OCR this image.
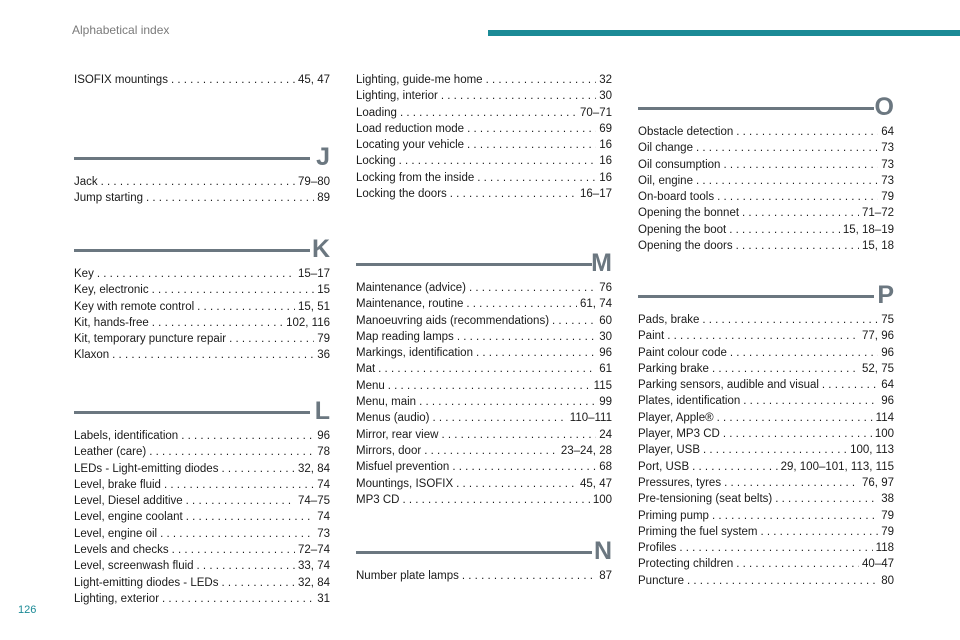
Alphabetical index
ISOFIX mountings . . .	45, 47
J
Jack . . .	79–80
Jump starting . . .	89
K
Key . . .	15–17
Key, electronic . . .	15
Key with remote control . . .	15, 51
Kit, hands-free . . .	102, 116
Kit, temporary puncture repair . . .	79
Klaxon . . .	36
L
Labels, identification . . .	96
Leather (care) . . .	78
LEDs - Light-emitting diodes . . .	32, 84
Level, brake fluid . . .	74
Level, Diesel additive . . .	74–75
Level, engine coolant . . .	74
Level, engine oil . . .	73
Levels and checks . . .	72–74
Level, screenwash fluid . . .	33, 74
Light-emitting diodes - LEDs . . .	32, 84
Lighting, exterior . . .	31
Lighting, guide-me home . . .	32
Lighting, interior . . .	30
Loading . . .	70–71
Load reduction mode . . .	69
Locating your vehicle . . .	16
Locking . . .	16
Locking from the inside . . .	16
Locking the doors . . .	16–17
M
Maintenance (advice) . . .	76
Maintenance, routine . . .	61, 74
Manoeuvring aids (recommendations) . . .	60
Map reading lamps . . .	30
Markings, identification . . .	96
Mat . . .	61
Menu . . .	115
Menu, main . . .	99
Menus (audio) . . .	110–111
Mirror, rear view . . .	24
Mirrors, door . . .	23–24, 28
Misfuel prevention . . .	68
Mountings, ISOFIX . . .	45, 47
MP3 CD . . .	100
N
Number plate lamps . . .	87
O
Obstacle detection . . .	64
Oil change . . .	73
Oil consumption . . .	73
Oil, engine . . .	73
On-board tools . . .	79
Opening the bonnet . . .	71–72
Opening the boot . . .	15, 18–19
Opening the doors . . .	15, 18
P
Pads, brake . . .	75
Paint . . .	77, 96
Paint colour code . . .	96
Parking brake . . .	52, 75
Parking sensors, audible and visual . . .	64
Plates, identification . . .	96
Player, Apple® . . .	114
Player, MP3 CD . . .	100
Player, USB . . .	100, 113
Port, USB . . .	29, 100–101, 113, 115
Pressures, tyres . . .	76, 97
Pre-tensioning (seat belts) . . .	38
Priming pump . . .	79
Priming the fuel system . . .	79
Profiles . . .	118
Protecting children . . .	40–47
Puncture . . .	80
126
